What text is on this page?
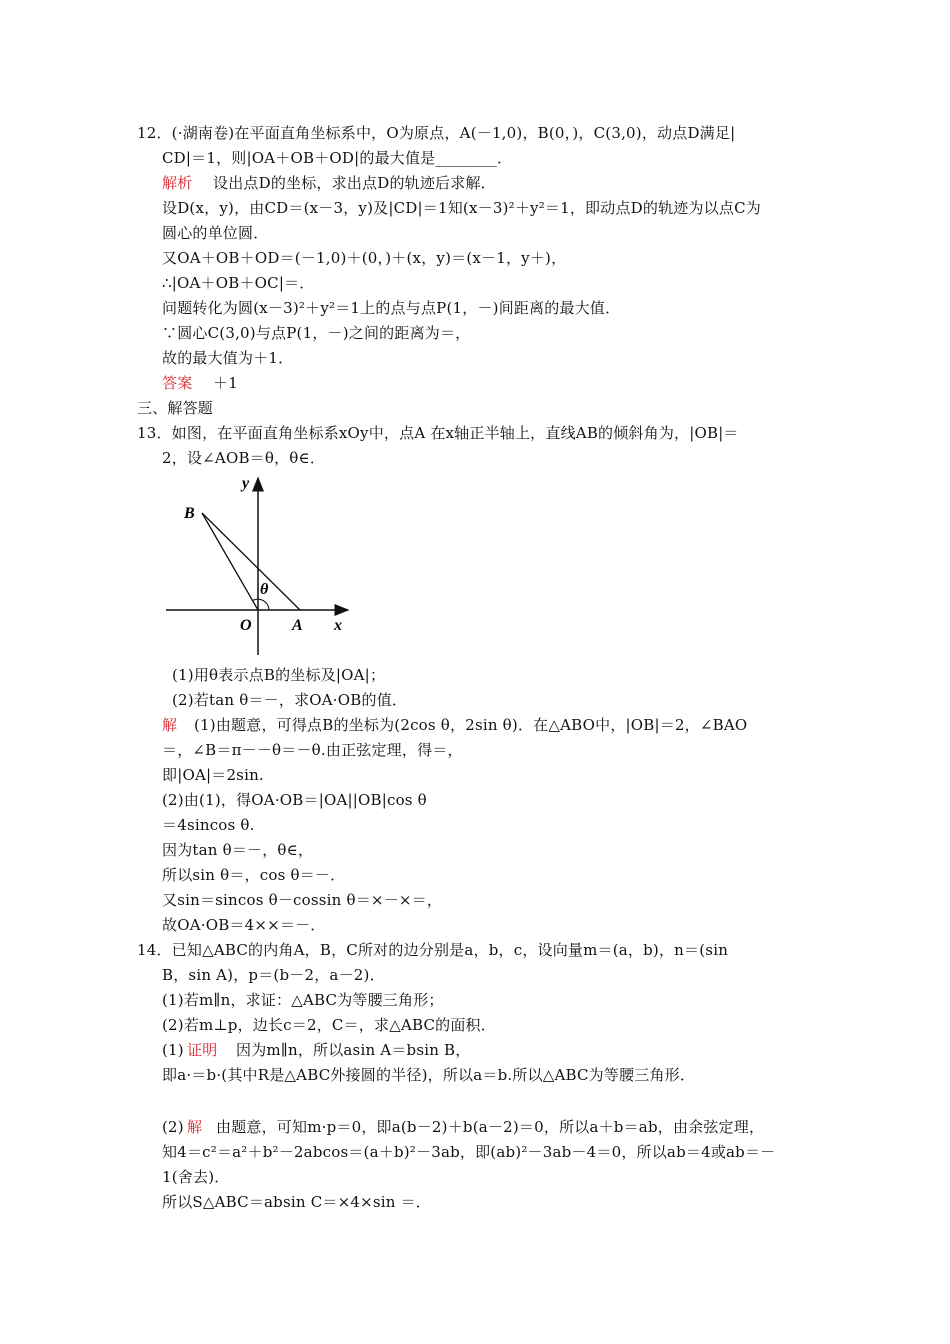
12．(·湖南卷)在平面直角坐标系中，O为原点，A(－1,0)，B(0，)，C(3,0)，动点D满足|
CD|＝1，则|OA＋OB＋OD|的最大值是________．
解析 设出点D的坐标，求出点D的轨迹后求解．
设D(x，y)，由CD＝(x－3，y)及|CD|＝1知(x－3)²＋y²＝1，即动点D的轨迹为以点C为
圆心的单位圆．
又OA＋OB＋OD＝(－1,0)＋(0，)＋(x，y)＝(x－1，y＋)，
∴|OA＋OB＋OC|＝．
问题转化为圆(x－3)²＋y²＝1上的点与点P(1，－)间距离的最大值．
∵圆心C(3,0)与点P(1，－)之间的距离为＝，
故的最大值为＋1．
答案 ＋1
三、解答题
13．如图，在平面直角坐标系xOy中，点A 在x轴正半轴上，直线AB的倾斜角为，|OB|＝
2，设∠AOB＝θ，θ∈．
(1)用θ表示点B的坐标及|OA|；
(2)若tan θ＝－，求OA·OB的值．
解 (1)由题意，可得点B的坐标为(2cos θ，2sin θ)．在△ABO中，|OB|＝2，∠BAO
＝，∠B＝π－－θ＝－θ.由正弦定理，得＝，
即|OA|＝2sin.
(2)由(1)，得OA·OB＝|OA||OB|cos θ
＝4sincos θ.
因为tan θ＝－，θ∈，
所以sin θ＝，cos θ＝－．
又sin＝sincos θ－cossin θ＝×－×＝，
故OA·OB＝4××＝－．
14．已知△ABC的内角A，B，C所对的边分别是a，b，c，设向量m＝(a，b)，n＝(sin
B，sin A)，p＝(b－2，a－2)．
(1)若m∥n，求证：△ABC为等腰三角形；
(2)若m⊥p，边长c＝2，C＝，求△ABC的面积．
(1) 证明 因为m∥n，所以asin A＝bsin B，
即a·＝b·(其中R是△ABC外接圆的半径)，所以a＝b.所以△ABC为等腰三角形．
(2) 解 由题意，可知m·p＝0，即a(b－2)＋b(a－2)＝0，所以a＋b＝ab，由余弦定理，
知4＝c²＝a²＋b²－2abcos＝(a＋b)²－3ab，即(ab)²－3ab－4＝0，所以ab＝4或ab＝－
1(舍去)．
所以S△ABC＝absin C＝×4×sin ＝．
B
y
θ
O	A x
